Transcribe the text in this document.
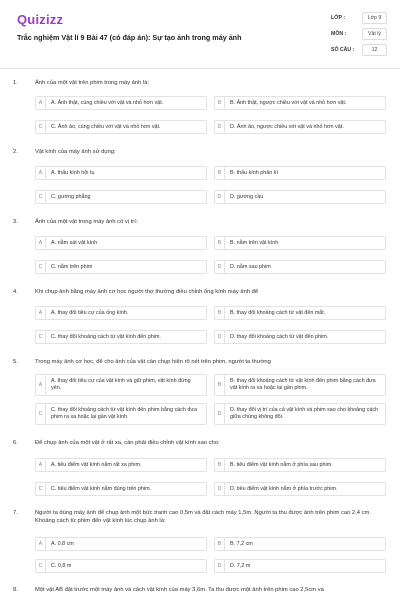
Quizizz
Trắc nghiệm Vật lí 9 Bài 47 (có đáp án): Sự tạo ảnh trong máy ảnh
LỚP :	Lớp 9
MÔN :	Vật lý
SỐ CÂU :	12
1.	Ảnh của một vật trên phim trong máy ảnh là:
A	A. Ảnh thật, cùng chiều với vật và nhỏ hơn vật.	B	B. Ảnh thật, ngược chiều với vật và nhỏ hơn vật.
C	C. Ảnh ảo, cùng chiều với vật và nhỏ hơn vật.	D	D. Ảnh ảo, ngược chiều với vật và nhỏ hơn vật.
2.	Vật kính của máy ảnh sử dụng:
A	A. thấu kính hội tụ	B	B. thấu kính phân kì
C	C. gương phẳng	D	D. gương cầu
3.	Ảnh của một vật trong máy ảnh có vị trí:
A	A. nằm sát vật kính	B	B. nằm trên vật kính
C	C. nằm trên phim	D	D. nằm sau phim
4.	Khi chụp ảnh bằng máy ảnh cơ học người thợ thường điều chỉnh ống kính máy ảnh để
A	A. thay đổi tiêu cự của ống kính.	B	B. thay đổi khoảng cách từ vật đến mắt.
C	C. thay đổi khoảng cách từ vật kính đến phim.	D	D. thay đổi khoảng cách từ vật đến phim.
5.	Trong máy ảnh cơ học, để cho ảnh của vật cần chụp hiện rõ nét trên phim, người ta thường
A
A. thay đổi tiêu cự của vật kính và giữ phim, vật kính đứng yên.	B
B. thay đổi khoảng cách từ vật kính đến phim bằng cách đưa vật kính ra xa hoặc lại gần phim.
C
C. thay đổi khoảng cách từ vật kính đến phim bằng cách đưa phim ra xa hoặc lại gần vật kính.	D
D. thay đổi vị trí của cả vật kính và phim sao cho khoảng cách giữa chúng không đổi.
6.	Để chụp ảnh của một vật ở rất xa, cần phải điều chỉnh vật kính sao cho:
A	A. tiêu điểm vật kính nằm rất xa phim.	B	B. tiêu điểm vật kính nằm ở phía sau phim.
C	C. tiêu điểm vật kính nằm đúng trên phim.	D	D. tiêu điểm vật kính nằm ở phía trước phim.
7.	Người ta dùng máy ảnh để chụp ảnh một bức tranh cao 0,5m và đặt cách máy 1,5m. Người ta thu được ảnh trên phim cao 2,4 cm. Khoảng cách từ phim đến vật kính lúc chụp ảnh là:
A	A. 0,8 cm	B	B. 7,2 cm
C	C. 0,8 m	D	D. 7,2 m
8.	Một vật AB đặt trước một máy ảnh và cách vật kính của máy 3,6m. Ta thu được một ảnh trên phim cao 2,5cm và
